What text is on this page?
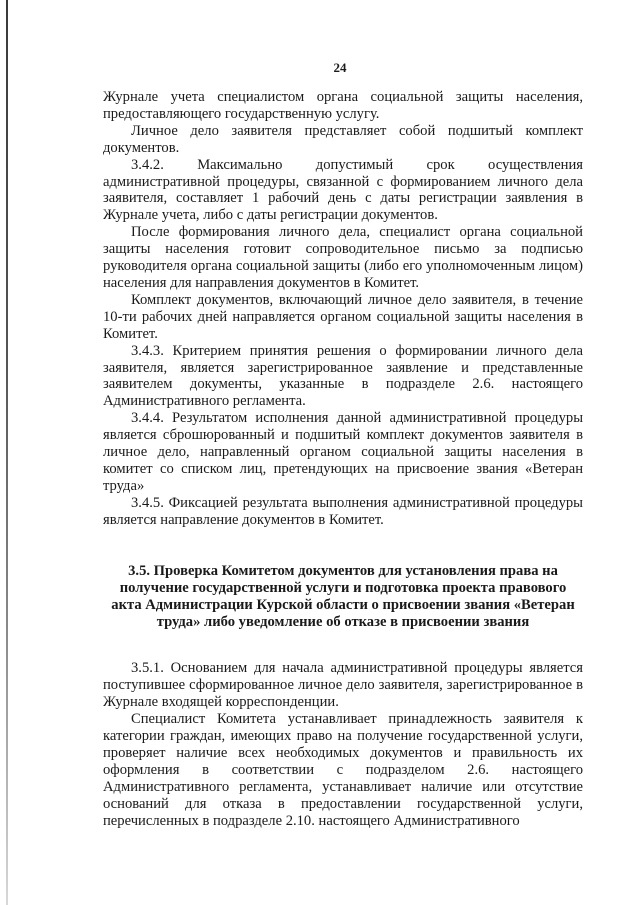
24

Журнале учета специалистом органа социальной защиты населения, предоставляющего государственную услугу.

Личное дело заявителя представляет собой подшитый комплект документов.

3.4.2. Максимально допустимый срок осуществления административной процедуры, связанной с формированием личного дела заявителя, составляет 1 рабочий день с даты регистрации заявления в Журнале учета, либо с даты регистрации документов.

После формирования личного дела, специалист органа социальной защиты населения готовит сопроводительное письмо за подписью руководителя органа социальной защиты (либо его уполномоченным лицом) населения для направления документов в Комитет.

Комплект документов, включающий личное дело заявителя, в течение 10-ти рабочих дней направляется органом социальной защиты населения в Комитет.

3.4.3. Критерием принятия решения о формировании личного дела заявителя, является зарегистрированное заявление и представленные заявителем документы, указанные в подразделе 2.6. настоящего Административного регламента.

3.4.4. Результатом исполнения данной административной процедуры является сброшюрованный и подшитый комплект документов заявителя в личное дело, направленный органом социальной защиты населения в комитет со списком лиц, претендующих на присвоение звания «Ветеран труда»

3.4.5. Фиксацией результата выполнения административной процедуры является направление документов в Комитет.

3.5. Проверка Комитетом документов для установления права на получение государственной услуги и подготовка проекта правового акта Администрации Курской области о присвоении звания «Ветеран труда» либо уведомление об отказе в присвоении звания

3.5.1. Основанием для начала административной процедуры является поступившее сформированное личное дело заявителя, зарегистрированное в Журнале входящей корреспонденции.

Специалист Комитета устанавливает принадлежность заявителя к категории граждан, имеющих право на получение государственной услуги, проверяет наличие всех необходимых документов и правильность их оформления в соответствии с подразделом 2.6. настоящего Административного регламента, устанавливает наличие или отсутствие оснований для отказа в предоставлении государственной услуги, перечисленных в подразделе 2.10. настоящего Административного
